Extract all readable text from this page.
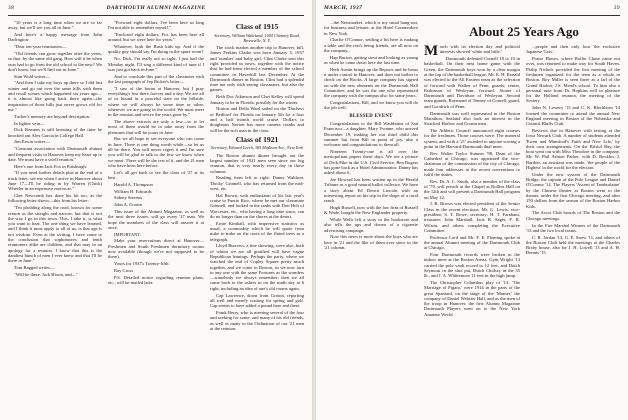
38	DARTMOUTH ALUMNI MAGAZINE

"10 years is a long time when we are so far away, but we'll see you all in June."

And here's a happy message from John Darlington:

"Dear ten-year-reunioners—

"Old friends can grow together after the years, so fine, by the same old gang. How will it be when ours had to go from the old school to the new? We don't know, but we'll find out in June."

Stan Wold writes—

"And then I take my boys up there so I did last winter and go out over the same hills with them and recall scenes which happened six years ago—it is almost like going back there again—the inspiration of those hills just never grows old for me."

Tucker's memory are beyond description.

In lighter vein—

Dick Remnes is still boasting of the time he knocked out Alex Garcia in College Hall.

Jim Erwin writes—

"Constant association with Dartmouth alumni and frequent visits to Hanover keep my heart up to date. We must have a swell reunion."

Here's one from Jack Fox in Pittsburgh:

"If you need further details plus at the end of a track letter, see me when I arrive in Hanover about June 17—I'll be riding in by Warren (Chick) Wheeler in an expensive motorcar."

Chet Newcomb has done his bit too, as the following letter shows—this from his letter:

"I'm plodding along the road, known for some reason as the straight and narrow, but that is not the way I go in this town. This, I take it, is what you want to hear. The one thing we have learned, and I think it must apply to all of us, is that age is not wisdom. Even at the writing, I have come to the conclusion that sophomores and tenth reunioners alike are children, and that may in an apology for a reunion. I know that this is the dandiest bunch of men I ever knew and that I'll be there in June."

Tom Ragged writes—

"Will be there, Jack Hixon, and—"

"Forward eight dollars, I've been here so long I'm not able to remember myself."

"Enclosed eight dollars, Fox has been here all around, but we were here for years."

Whatever, both the Bush kids up. And if the quality guy should say I'm doing in the spare room?

No, Dick, I'm really not so tight, I just had the Monday night, I'll sing a different kind of tune if I was just got back in June."

And to conclude this part of the classnotes with the last paragraph of Jep Ricker's letter—

"I saw of the boom at Hanover, but I pray everything's lost there forever and a day. We are all of us bound in a peaceful state on the hillside, where we will always be some time or other, wherever we are going in the world. We must meet in the reunion and revive the years gone by."

The above extracts are only a few—so to let most of them would be to take away from the pleasures that will be yours in June.

But we all hope to see everyone who can come in June. There is one thing worth while—so let us all be there. You will never regret it and I'm sure you will be glad to talk to the few we know when we meet. There will be the rest of it, and the 21 men who have been here before.

Let's all get back to see the class of '27 at its best.

Harold A. Thompson

William H. Edwards

Sidney Stevens

John A. Cronin

This issue of the Alumni Magazine, as well as the next three issues, will go every '27 man. We hope the members of the class will answer it at once.

IMPORTANT:

Make your reservations direct at Hanover—Freshmen and South Freshmen dormitory rooms now available (though we're not supposed to be there).

Yours for 1937's Twenty-fifth.

Ray Cross

P.S. Detailed notice regarding reunion plans, etc., will be mailed later.

Class of 1915

Secretary, William Wakeland, 1004 Chimney Road, Bronxville, N. Y.

The stock market another trip to Hanover, bill, James Perkins Clarke was born January 3, 1937 and 'number' and baby girl, Clint Clarke sent this right provided us news, together with the notice that he had been elected a member of the school committee in Haverhill last December. At the Dartmouth dinner in Boston, Clint had a splendid time not only with seeing classmates, but also the games.

Both Doc Atkinson and Chet Kelley will spend January to be in Florida, possibly for the winter.

Norton and Della Ward sailed on the 'Duchess of Bedford' for Florida on January 5th for a four and a half month world cruise. Dollars to doughnuts Norton has more camera cranks and will be the rich man in the class.

Class of 1921

Secretary, Edward Leech, 385 Madison Ave., New York

The Boston alumni dinner brought out the largest number of 1921 men seen since our big reunion, that is very nearly every day in those columns.

Reading from left to right: Danny Waldron, 'Ducky' Grinnell, who has returned from the mid-west, etc.

Hal Brown, with enthusiasm of his last year's cruise to Puerto Rico, where he met our classmate Grinnell, and looked in the ranks with Don Holt of Worcester, etc., who having a long time since, can do no longer than on the shores at the desert.

Ernie Kimball, with impressive statistics as usual, a commodity which he will quote from mike to mike on the roots of the fluted trees as a telegraph.

Lloyd Burrows, a fine showing, were also, both of whom we are all gratified will have vague Republican leanings. Perhaps the party, where we watched the end of Copley Square pretty much together, and we come to Boston, so we now turn to any one with the same Fortunes as the wonders—somebody we always remember; then we all came back to the ushers in on the ninth day at 6 right, including an idea of one's old rooms again.

Cap Lawrence, down from Groton, reporting all well and merely waiting for spring and golf. Cap seems to have added a pound here and there.

Frank Berry, who is meeting several of the four and seeking for some, and many of his old friends, as well as many in the Ordination of our '21 men at the reunion.

MARCH, 1937	39

...the Newmarket, which is my usual hang-out, for business and leisure, at the Hotel Commodore in New York.

Charlie O'Connor, settling a bit here is making a table and the rest's being friends, are all now on the company.

Hap Burton, getting stout and looking as young as when he came down here the last time.

Herb Austin brings up the Reports and he hears it under control in Hanover, and does not bother to check on the Rooks. A large company has signed on with the new elements on the Dartmouth Hall Committee, and he was the one who represented the company with the campus also for some years.

Congratulations, Bill, and we know you will do the job well.

BLESSED EVENT

Congratulations to the Bill Washburns of San Francisco—a daughter, Mary Yvonne, who arrived December 19, making her our third child this summer but from Bill in point of joy, also a welcome and congratulations to them all.

Nineteen Twenty-one is all over the metropolitan papers these days. We see a picture of Dick Pike in the U.S. Civil Service, Ben Rogers has gone back as a Hotel Administrator. Danny has asked about it.

Joe Howard has been written up in the Herald Tribune as a good natural ballot collector. We have a story about Ed Dewitt Lincoln with an interesting report on his trip in the shape of a rural ranch.

Hugh Russell, now with the law firm of Russell & Wade, bought the New Englander property.

While Wells left a story to the bookstore and also tells the ups and downs of a cigarette advertising campaign.

Now this news is more about the boys who are here in '21 and the like of them ever since in the '21 column.

About 25 Years Ago

March with its election day and political interests showed 'white and little.'

Dartmouth defeated Cornell 18 to 10 in basketball. On their next home game with the Green, the Dartmouth boys won by a clear margin at the top of the basketball league. Mr. E. H. Ronald was elected to the All Eastern team as the selection of forward with Walker of Penn, guards; center, Parkinson of Wesleyan; forward, Stoner of Dartmouth and Davidson of Wesleyan. Second team guards, Raymond of Tenney of Cornell, guard, and Goodrich of Penn.

Dartmouth was well represented in the Boston Marathon, Sealand also took an interest in the Stratford Harlow and Cronin men.

The Athletic Council announced eight courses for the freshmen. Those courses were: The numeral system, and with a '21' awarded to anyone scoring a point in the Harvard-Dartmouth dual meet.

Rev. Walter Taylor Sumner '98, Dean of the Cathedral at Chicago, was appointed the vice-chairman of the commission of the city of Chicago, made four addresses at the recent conventions to fulfil the duties.

Rev. Dr. A. L. Smith, also a member of the class of '79, will preach at the Chapel at Rollins Hall on the 12th and will present a Dartmouth Hall program on May 12.

J. R. Brown was elected president of the Senior Class in the recent elections. Mr. G. Lewis, vice-president; S. T. Rowe, secretary; H. T. Farnham, treasurer; John Marshall, Jack B. Sager, F. R. Wilson, and others completing the Executive Committee.

Professor Lord and Mr. F. E. Fleming spoke at the annual Alumni meeting of the Dartmouth Club at Chicago.

Four Dartmouth records were broken in the indoor meet at the Boston Arena. Gym Wright '13 carried the pole vault record to 12 feet, and Dutch Seymour in the shot put, Dutch Chidsey in the 35 lb., and J. A. Whittemore 11 feet in the high jump.

The Christopher Columbus play of '13, 'The Marriage of Figaro,' were 1914 in the parts of the great Spaniard, on the stage of the 'Mumer,' the company of Daniel Webster Hall, and as the men of the troop in Hanover, the first Alumni Magazine Dartmouth Players went on to the New York Amateur World.

...people and then only four 'the exclusive Japanese Cars.'

Praise Hawes, where Rollin Chase came out over, was returned to make way for South Haven. Philip Nichols provided the first meeting of the freshmen organized for the term as a whole in Boston. Roy Miller is seen there as a lad of the Grand Harbor, J.S. Mead's school. To him also a personal note from Dr. Hopkins will in pleasure for the Holland reunion, the meeting of the Society.

John N. Lowery '15 and C. K. Bleckhorn '14 formed the committee to attend the annual New England meeting in Boston of the Nebraska and Council Bluffs Club.

Reviews due in Hanover with testing at the Iowa Newark Club. A number of students attended 'Ewen and Mumford's Faith and New Life,' by their own arrangements. On the Bristol Bay, the boat went out with Miss Theodore in the company. Mr. W. Phil Ashton Parker, with D. Rocklin, J. Bartlett, an assistant was made, 'the people of the Highest' in the world for the election.

Under the new system of the Dartmouth Bridge, the captain of the Polo League and Daniel O'Connor '14. The Players 'Ascent of Tamburlaine' by the Chinese theater at Boston went to the theater, under the first Chicago meeting, and after 150 dollars from the season of the Boston Harbor Kids.

The Ascot Club boards of The Boston and the Chicago meetings.

In the Fire Marshal Winters of the Dartmouth '13 and the two local teams.

C. R. Jordan '13, G. E. Snow '11, and others of the Boston Club held the meetings at the Charles Bixby house, also for J. H. Lowell '13 and A. H. Dennis '15.
